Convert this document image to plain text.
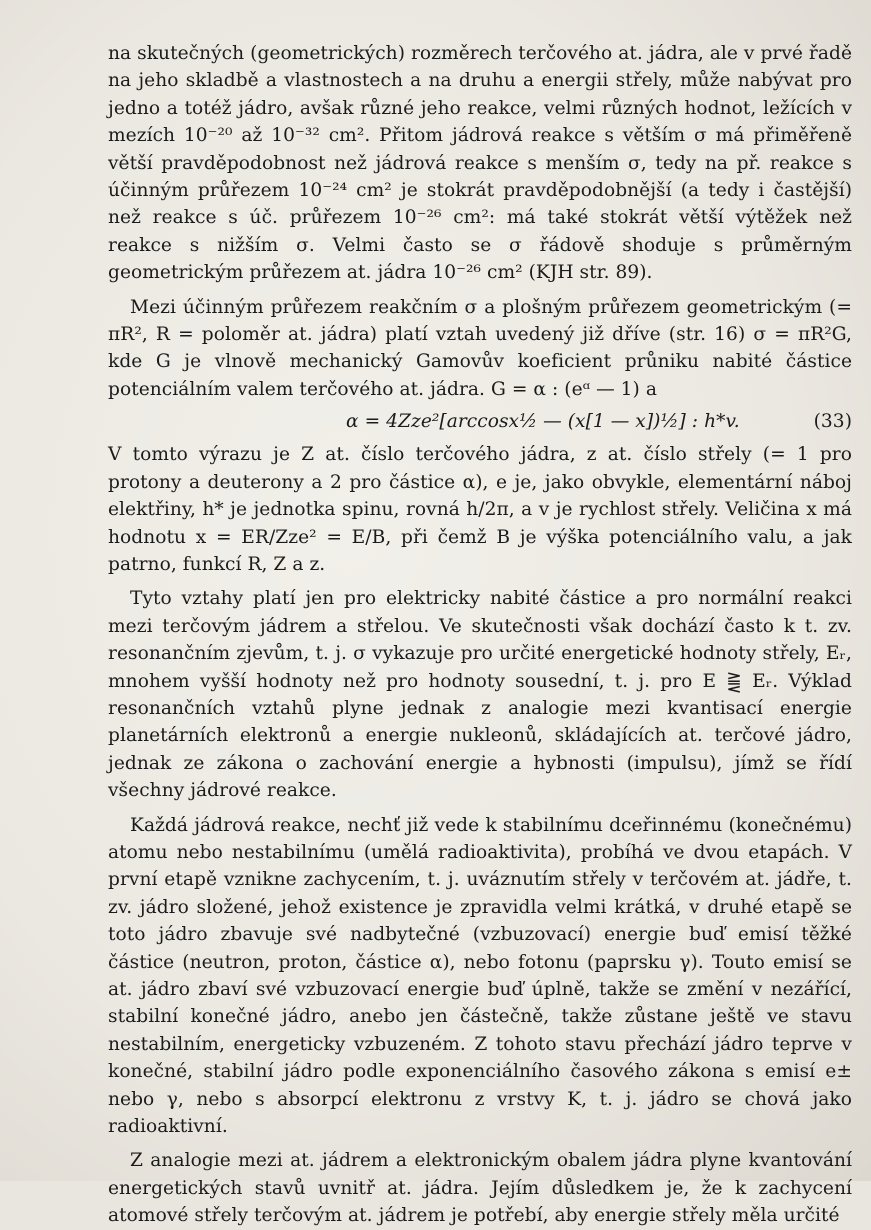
na skutečných (geometrických) rozměrech terčového at. jádra, ale v prvé řadě na jeho skladbě a vlastnostech a na druhu a energii střely, může nabývat pro jedno a totéž jádro, avšak různé jeho reakce, velmi různých hodnot, ležících v mezích 10⁻²⁰ až 10⁻³² cm². Přitom jádrová reakce s větším σ má přiměřeně větší pravděpodobnost než jádrová reakce s menším σ, tedy na př. reakce s účinným průřezem 10⁻²⁴ cm² je stokrát pravděpodobnější (a tedy i častější) než reakce s úč. průřezem 10⁻²⁶ cm²: má také stokrát větší výtěžek než reakce s nižším σ. Velmi často se σ řádově shoduje s průměrným geometrickým průřezem at. jádra 10⁻²⁶ cm² (KJH str. 89).

Mezi účinným průřezem reakčním σ a plošným průřezem geometrickým (= πR², R = poloměr at. jádra) platí vztah uvedený již dříve (str. 16) σ = πR²G, kde G je vlnově mechanický Gamovův koeficient průniku nabité částice potenciálním valem terčového at. jádra. G = α : (eᵅ — 1) a

α = 4Zze²[arccosx½ — (x[1 — x])½] : h*v.	(33)

V tomto výrazu je Z at. číslo terčového jádra, z at. číslo střely (= 1 pro protony a deuterony a 2 pro částice α), e je, jako obvykle, elementární náboj elektřiny, h* je jednotka spinu, rovná h/2π, a v je rychlost střely. Veličina x má hodnotu x = ER/Zze² = E/B, při čemž B je výška potenciálního valu, a jak patrno, funkcí R, Z a z.

Tyto vztahy platí jen pro elektricky nabité částice a pro normální reakci mezi terčovým jádrem a střelou. Ve skutečnosti však dochází často k t. zv. resonančním zjevům, t. j. σ vykazuje pro určité energetické hodnoty střely, Eᵣ, mnohem vyšší hodnoty než pro hodnoty sousední, t. j. pro E ⪌ Eᵣ. Výklad resonančních vztahů plyne jednak z analogie mezi kvantisací energie planetárních elektronů a energie nukleonů, skládajících at. terčové jádro, jednak ze zákona o zachování energie a hybnosti (impulsu), jímž se řídí všechny jádrové reakce.

Každá jádrová reakce, nechť již vede k stabilnímu dceřinnému (konečnému) atomu nebo nestabilnímu (umělá radioaktivita), probíhá ve dvou etapách. V první etapě vznikne zachycením, t. j. uváznutím střely v terčovém at. jádře, t. zv. jádro složené, jehož existence je zpravidla velmi krátká, v druhé etapě se toto jádro zbavuje své nadbytečné (vzbuzovací) energie buď emisí těžké částice (neutron, proton, částice α), nebo fotonu (paprsku γ). Touto emisí se at. jádro zbaví své vzbuzovací energie buď úplně, takže se změní v nezářící, stabilní konečné jádro, anebo jen částečně, takže zůstane ještě ve stavu nestabilním, energeticky vzbuzeném. Z tohoto stavu přechází jádro teprve v konečné, stabilní jádro podle exponenciálního časového zákona s emisí e± nebo γ, nebo s absorpcí elektronu z vrstvy K, t. j. jádro se chová jako radioaktivní.

Z analogie mezi at. jádrem a elektronickým obalem jádra plyne kvantování energetických stavů uvnitř at. jádra. Jejím důsledkem je, že k zachycení atomové střely terčovým at. jádrem je potřebí, aby energie střely měla určité
